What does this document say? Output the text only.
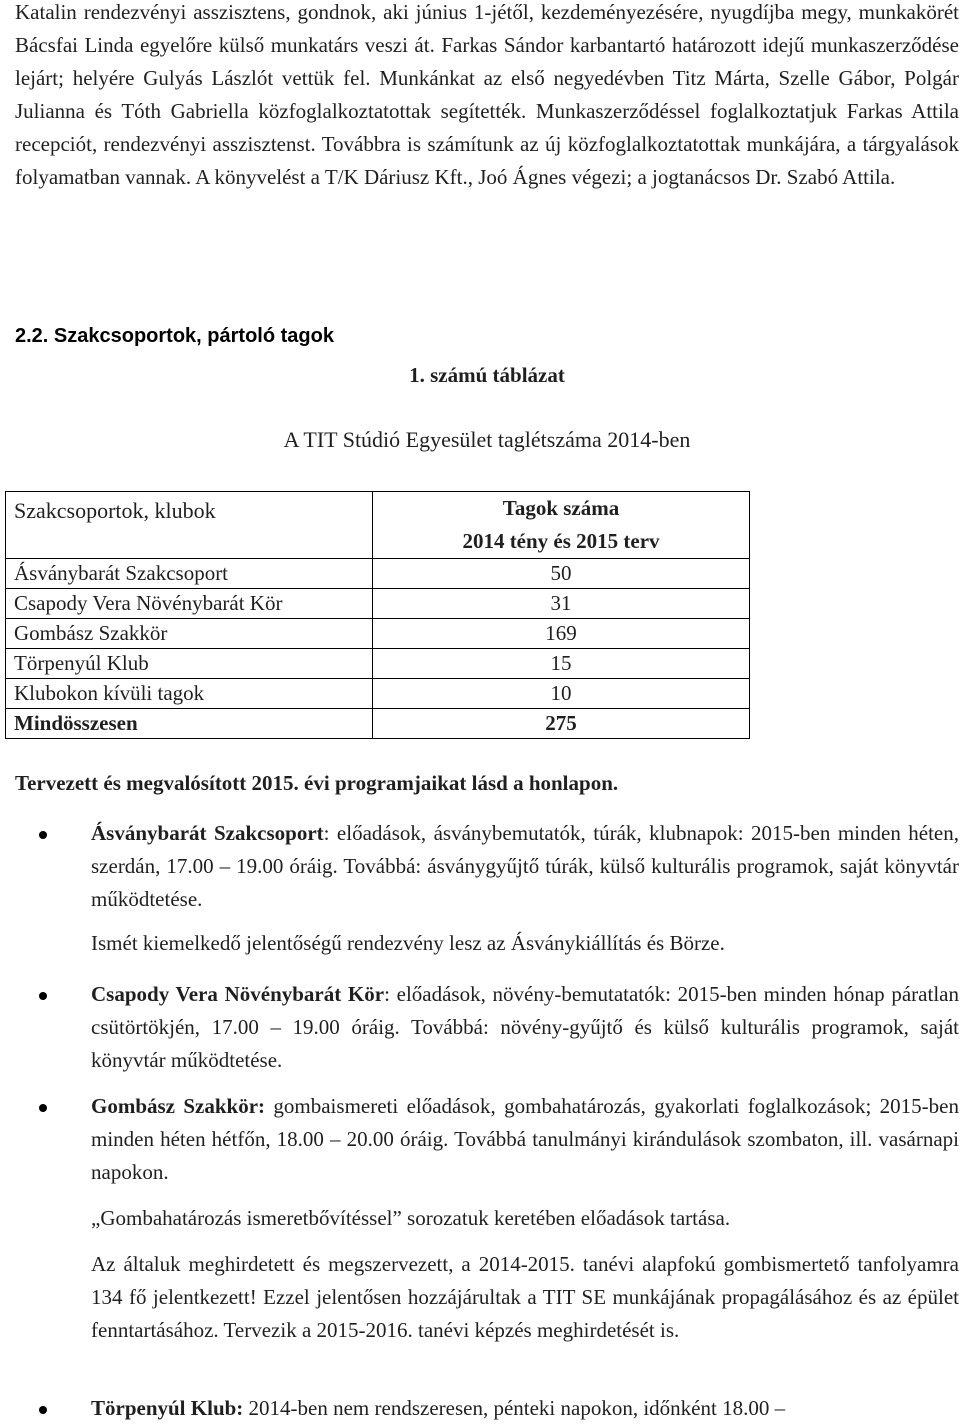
Katalin rendezvényi asszisztens, gondnok, aki június 1-jétől, kezdeményezésére, nyugdíjba megy, munkakörét Bácsfai Linda egyelőre külső munkatárs veszi át. Farkas Sándor karbantartó határozott idejű munkaszerződése lejárt; helyére Gulyás Lászlót vettük fel. Munkánkat az első negyedévben Titz Márta, Szelle Gábor, Polgár Julianna és Tóth Gabriella közfoglalkoztatottak segítették. Munkaszerződéssel foglalkoztatjuk Farkas Attila recepciót, rendezvényi asszisztenst. Továbbra is számítunk az új közfoglalkoztatottak munkájára, a tárgyalások folyamatban vannak. A könyvelést a T/K Dáriusz Kft., Joó Ágnes végezi; a jogtanácsos Dr. Szabó Attila.

2.2. Szakcsoportok, pártoló tagok
1. számú táblázat
A TIT Stúdió Egyesület taglétszáma 2014-ben
Szakcsoportok, klubok	Tagok száma
2014 tény és 2015 terv

Ásványbarát Szakcsoport	50
Csapody Vera Növénybarát Kör	31
Gombász Szakkör	169
Törpenyúl Klub	15
Klubokon kívüli tagok	10
Mindösszesen	275
Tervezett és megvalósított 2015. évi programjaikat lásd a honlapon.

Ásványbarát Szakcsoport: előadások, ásványbemutatók, túrák, klubnapok: 2015-ben minden héten, szerdán, 17.00 – 19.00 óráig. Továbbá: ásványgyűjtő túrák, külső kulturális programok, saját könyvtár működtetése.

Ismét kiemelkedő jelentőségű rendezvény lesz az Ásványkiállítás és Börze.

Csapody Vera Növénybarát Kör: előadások, növény-bemutatatók: 2015-ben minden hónap páratlan csütörtökjén, 17.00 – 19.00 óráig. Továbbá: növény-gyűjtő és külső kulturális programok, saját könyvtár működtetése.

Gombász Szakkör: gombaismereti előadások, gombahatározás, gyakorlati foglalkozások; 2015-ben minden héten hétfőn, 18.00 – 20.00 óráig. Továbbá tanulmányi kirándulások szombaton, ill. vasárnapi napokon.

„Gombahatározás ismeretbővítéssel” sorozatuk keretében előadások tartása.

Az általuk meghirdetett és megszervezett, a 2014-2015. tanévi alapfokú gombismertető tanfolyamra 134 fő jelentkezett! Ezzel jelentősen hozzájárultak a TIT SE munkájának propagálásához és az épület fenntartásához. Tervezik a 2015-2016. tanévi képzés meghirdetését is.

Törpenyúl Klub: 2014-ben nem rendszeresen, pénteki napokon, időnként 18.00 –
